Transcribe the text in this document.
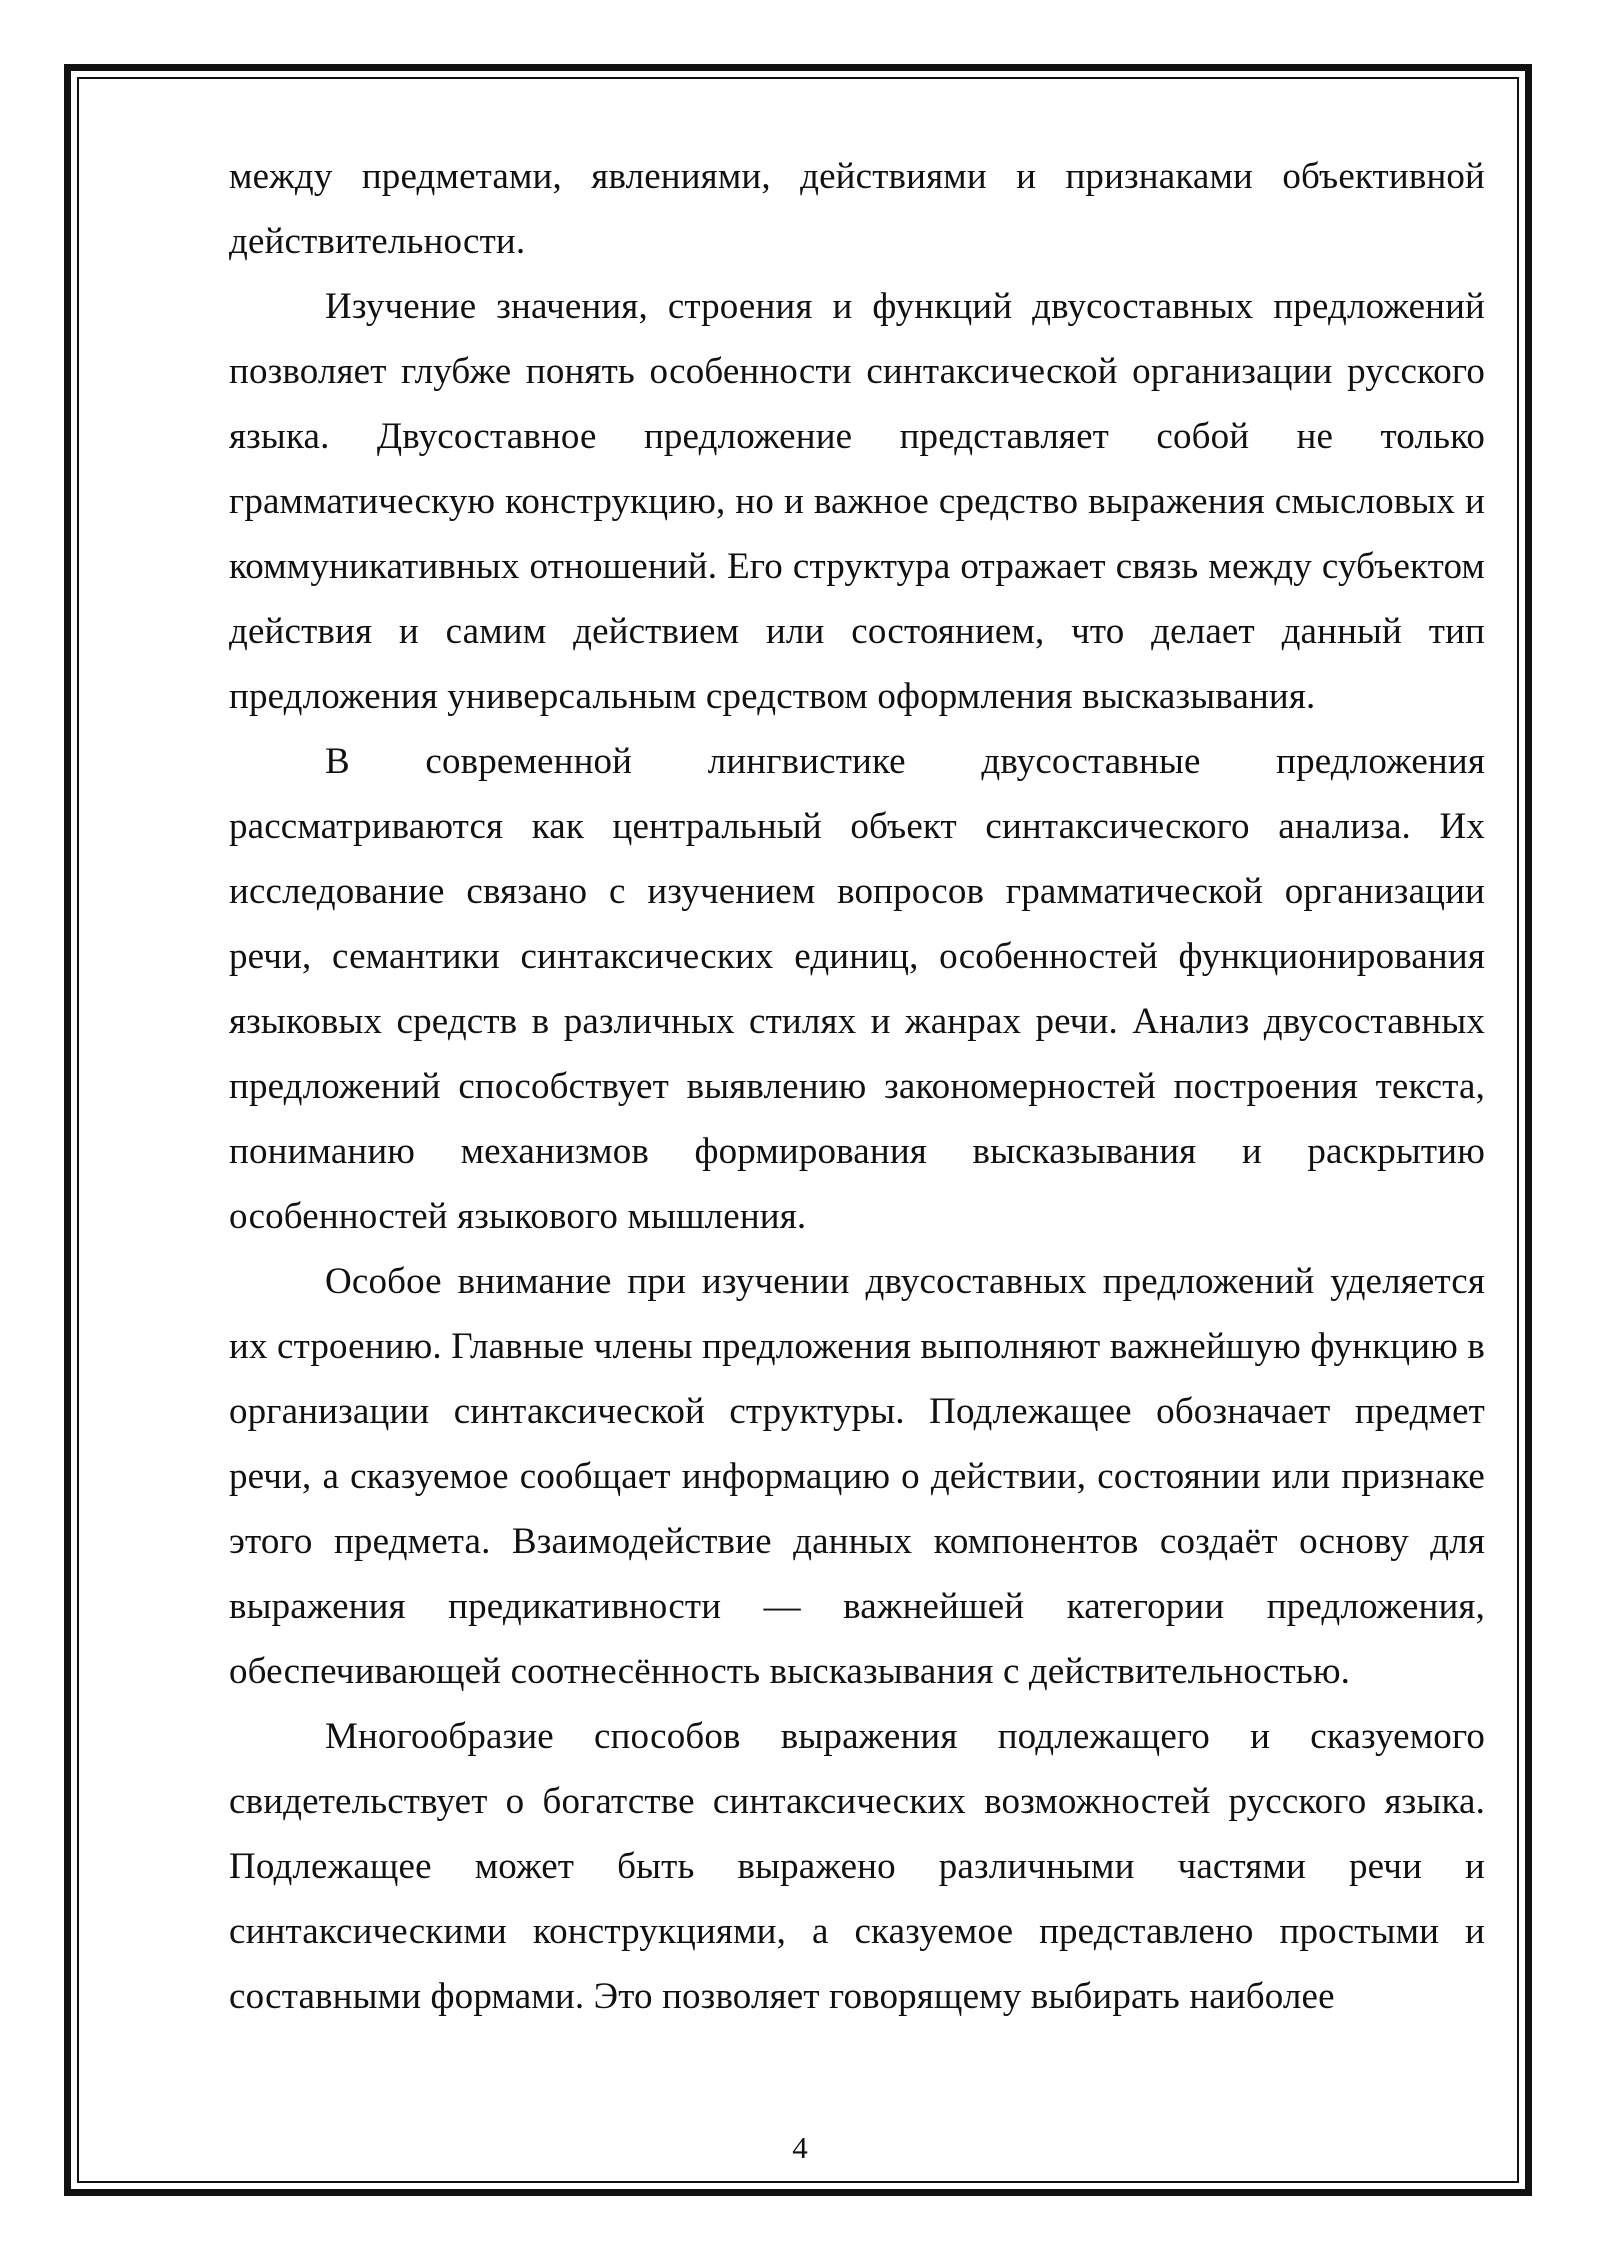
между предметами, явлениями, действиями и признаками объективной действительности.

Изучение значения, строения и функций двусоставных предложений позволяет глубже понять особенности синтаксической организации русского языка. Двусоставное предложение представляет собой не только грамматическую конструкцию, но и важное средство выражения смысловых и коммуникативных отношений. Его структура отражает связь между субъектом действия и самим действием или состоянием, что делает данный тип предложения универсальным средством оформления высказывания.

В современной лингвистике двусоставные предложения рассматриваются как центральный объект синтаксического анализа. Их исследование связано с изучением вопросов грамматической организации речи, семантики синтаксических единиц, особенностей функционирования языковых средств в различных стилях и жанрах речи. Анализ двусоставных предложений способствует выявлению закономерностей построения текста, пониманию механизмов формирования высказывания и раскрытию особенностей языкового мышления.

Особое внимание при изучении двусоставных предложений уделяется их строению. Главные члены предложения выполняют важнейшую функцию в организации синтаксической структуры. Подлежащее обозначает предмет речи, а сказуемое сообщает информацию о действии, состоянии или признаке этого предмета. Взаимодействие данных компонентов создаёт основу для выражения предикативности — важнейшей категории предложения, обеспечивающей соотнесённость высказывания с действительностью.

Многообразие способов выражения подлежащего и сказуемого свидетельствует о богатстве синтаксических возможностей русского языка. Подлежащее может быть выражено различными частями речи и синтаксическими конструкциями, а сказуемое представлено простыми и составными формами. Это позволяет говорящему выбирать наиболее

4
